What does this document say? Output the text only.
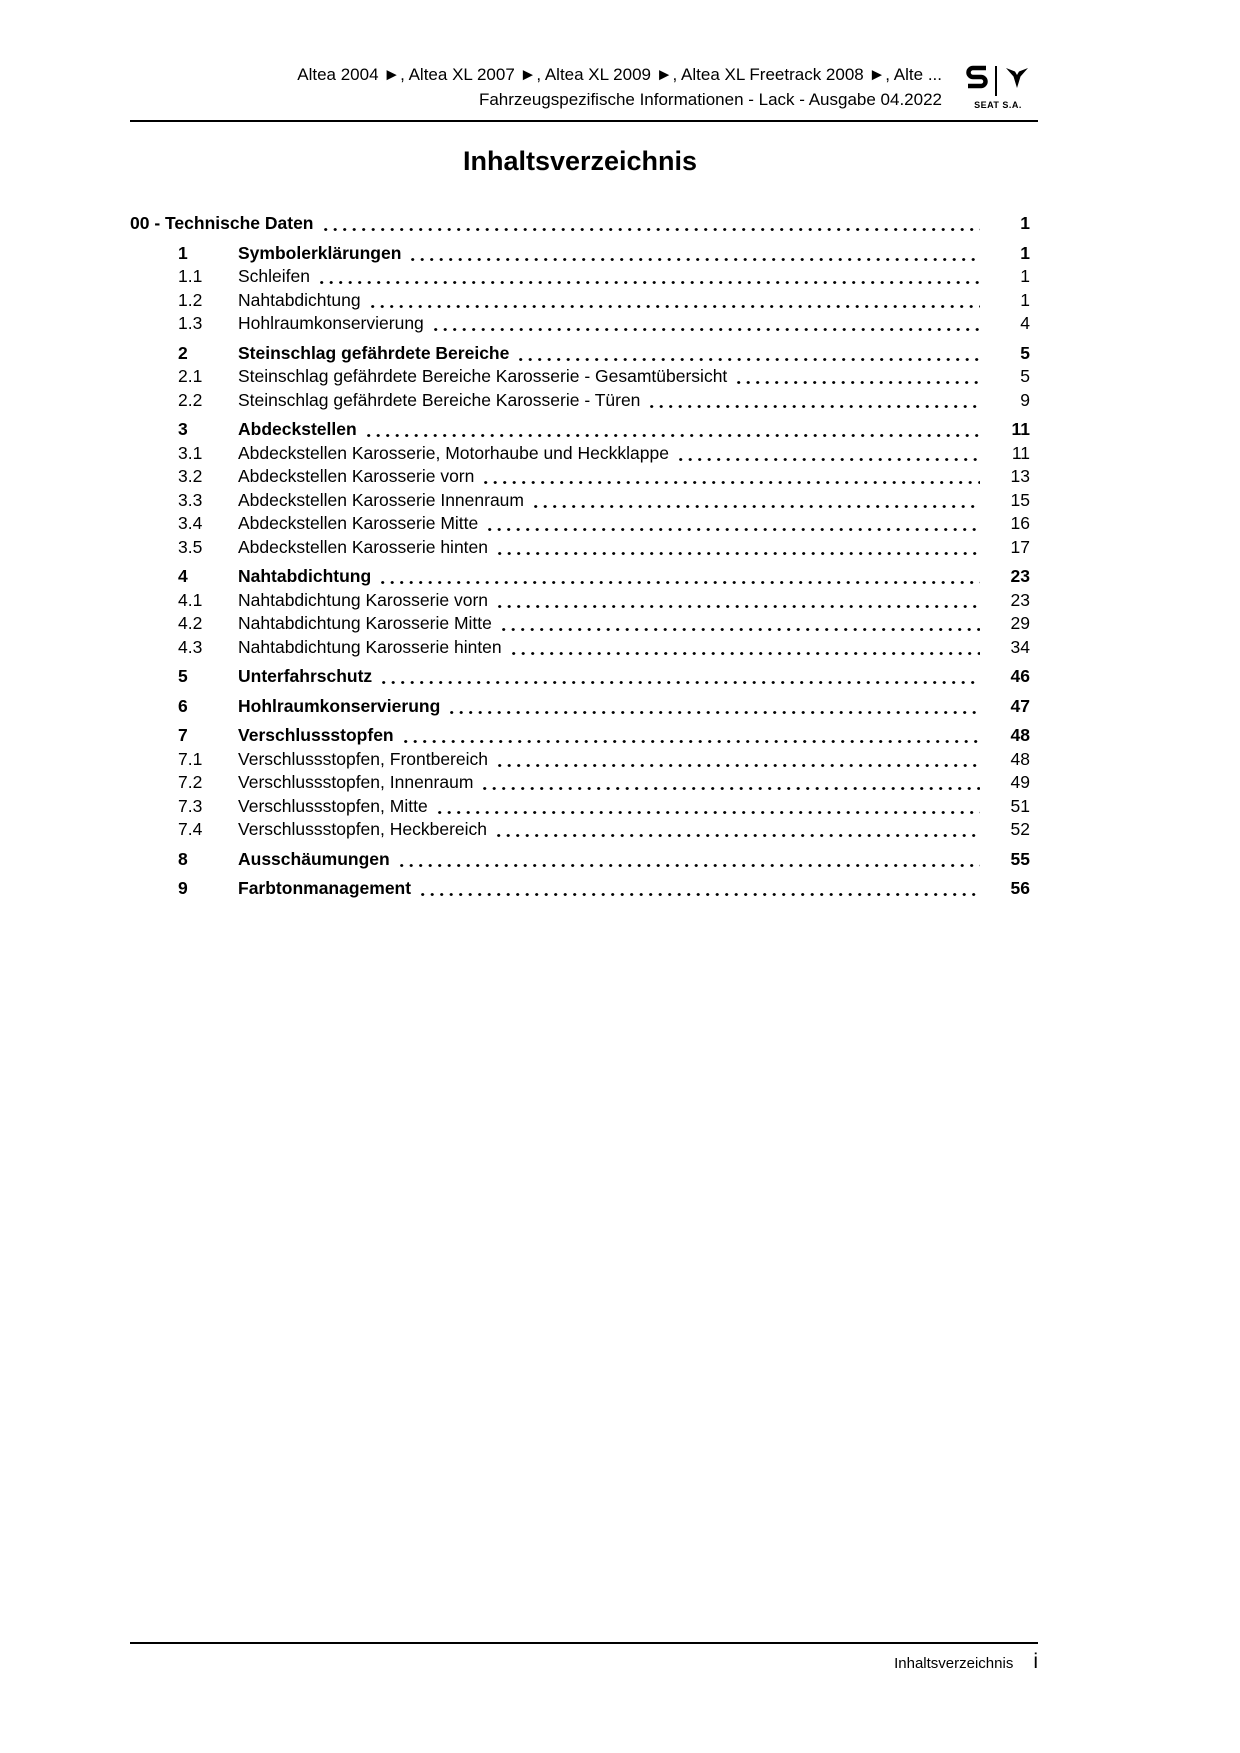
Altea 2004 ►, Altea XL 2007 ►, Altea XL 2009 ►, Altea XL Freetrack 2008 ►, Alte ...
Fahrzeugspezifische Informationen - Lack - Ausgabe 04.2022	SEAT S.A.
Inhaltsverzeichnis
00 - Technische Daten	1
1	Symbolerklärungen	1
1.1	Schleifen	1
1.2	Nahtabdichtung	1
1.3	Hohlraumkonservierung	4
2	Steinschlag gefährdete Bereiche	5
2.1	Steinschlag gefährdete Bereiche Karosserie - Gesamtübersicht	5
2.2	Steinschlag gefährdete Bereiche Karosserie - Türen	9
3	Abdeckstellen	11
3.1	Abdeckstellen Karosserie, Motorhaube und Heckklappe	11
3.2	Abdeckstellen Karosserie vorn	13
3.3	Abdeckstellen Karosserie Innenraum	15
3.4	Abdeckstellen Karosserie Mitte	16
3.5	Abdeckstellen Karosserie hinten	17
4	Nahtabdichtung	23
4.1	Nahtabdichtung Karosserie vorn	23
4.2	Nahtabdichtung Karosserie Mitte	29
4.3	Nahtabdichtung Karosserie hinten	34
5	Unterfahrschutz	46
6	Hohlraumkonservierung	47
7	Verschlussstopfen	48
7.1	Verschlussstopfen, Frontbereich	48
7.2	Verschlussstopfen, Innenraum	49
7.3	Verschlussstopfen, Mitte	51
7.4	Verschlussstopfen, Heckbereich	52
8	Ausschäumungen	55
9	Farbtonmanagement	56
Inhaltsverzeichnis i
